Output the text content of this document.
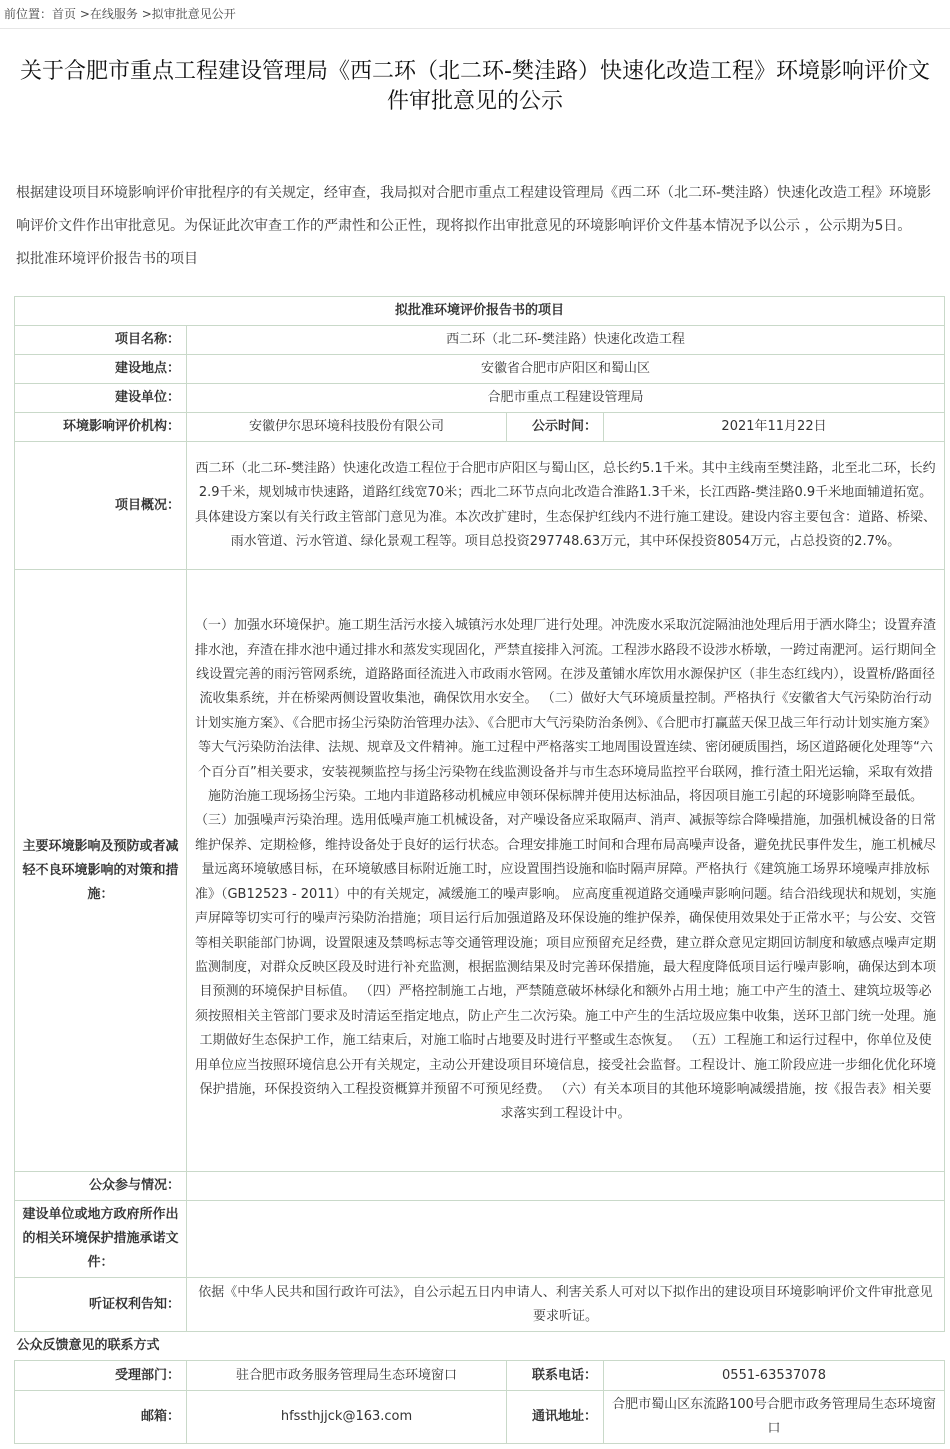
前位置：首页 >在线服务 >拟审批意见公开
关于合肥市重点工程建设管理局《西二环（北二环-樊洼路）快速化改造工程》环境影响评价文件审批意见的公示

根据建设项目环境影响评价审批程序的有关规定，经审查，我局拟对合肥市重点工程建设管理局《西二环（北二环-樊洼路）快速化改造工程》环境影响评价文件作出审批意见。为保证此次审查工作的严肃性和公正性，现将拟作出审批意见的环境影响评价文件基本情况予以公示 ，公示期为5日。

拟批准环境评价报告书的项目

拟批准环境评价报告书的项目			
项目名称：	西二环（北二环-樊洼路）快速化改造工程		
建设地点：	安徽省合肥市庐阳区和蜀山区		
建设单位：	合肥市重点工程建设管理局		
环境影响评价机构：	安徽伊尔思环境科技股份有限公司	公示时间：	2021年11月22日
项目概况：	西二环（北二环-樊洼路）快速化改造工程位于合肥市庐阳区与蜀山区，总长约5.1千米。其中主线南至樊洼路，北至北二环，长约2.9千米，规划城市快速路，道路红线宽70米；西北二环节点向北改造合淮路1.3千米，长江西路-樊洼路0.9千米地面辅道拓宽。具体建设方案以有关行政主管部门意见为准。本次改扩建时，生态保护红线内不进行施工建设。建设内容主要包含：道路、桥梁、雨水管道、污水管道、绿化景观工程等。项目总投资297748.63万元，其中环保投资8054万元，占总投资的2.7%。		
主要环境影响及预防或者减轻不良环境影响的对策和措施：	（一）加强水环境保护。施工期生活污水接入城镇污水处理厂进行处理。冲洗废水采取沉淀隔油池处理后用于洒水降尘；设置弃渣排水池，弃渣在排水池中通过排水和蒸发实现固化，严禁直接排入河流。工程涉水路段不设涉水桥墩，一跨过南淝河。运行期间全线设置完善的雨污管网系统，道路路面径流进入市政雨水管网。在涉及董铺水库饮用水源保护区（非生态红线内），设置桥/路面径流收集系统，并在桥梁两侧设置收集池，确保饮用水安全。 （二）做好大气环境质量控制。严格执行《安徽省大气污染防治行动计划实施方案》、《合肥市扬尘污染防治管理办法》、《合肥市大气污染防治条例》、《合肥市打赢蓝天保卫战三年行动计划实施方案》等大气污染防治法律、法规、规章及文件精神。施工过程中严格落实工地周围设置连续、密闭硬质围挡，场区道路硬化处理等“六个百分百”相关要求，安装视频监控与扬尘污染物在线监测设备并与市生态环境局监控平台联网，推行渣土阳光运输，采取有效措施防治施工现场扬尘污染。工地内非道路移动机械应申领环保标牌并使用达标油品，将因项目施工引起的环境影响降至最低。 （三）加强噪声污染治理。选用低噪声施工机械设备，对产噪设备应采取隔声、消声、减振等综合降噪措施，加强机械设备的日常维护保养、定期检修，维持设备处于良好的运行状态。合理安排施工时间和合理布局高噪声设备，避免扰民事件发生，施工机械尽量远离环境敏感目标，在环境敏感目标附近施工时，应设置围挡设施和临时隔声屏障。严格执行《建筑施工场界环境噪声排放标准》（GB12523 - 2011）中的有关规定，减缓施工的噪声影响。 应高度重视道路交通噪声影响问题。结合沿线现状和规划，实施声屏障等切实可行的噪声污染防治措施；项目运行后加强道路及环保设施的维护保养，确保使用效果处于正常水平；与公安、交管等相关职能部门协调，设置限速及禁鸣标志等交通管理设施；项目应预留充足经费，建立群众意见定期回访制度和敏感点噪声定期监测制度，对群众反映区段及时进行补充监测，根据监测结果及时完善环保措施，最大程度降低项目运行噪声影响，确保达到本项目预测的环境保护目标值。 （四）严格控制施工占地，严禁随意破坏林绿化和额外占用土地；施工中产生的渣土、建筑垃圾等必须按照相关主管部门要求及时清运至指定地点，防止产生二次污染。施工中产生的生活垃圾应集中收集，送环卫部门统一处理。施工期做好生态保护工作，施工结束后，对施工临时占地要及时进行平整或生态恢复。 （五）工程施工和运行过程中，你单位及使用单位应当按照环境信息公开有关规定，主动公开建设项目环境信息，接受社会监督。工程设计、施工阶段应进一步细化优化环境保护措施，环保投资纳入工程投资概算并预留不可预见经费。 （六）有关本项目的其他环境影响减缓措施，按《报告表》相关要求落实到工程设计中。		
公众参与情况：			
建设单位或地方政府所作出的相关环境保护措施承诺文件：			
听证权利告知：	依据《中华人民共和国行政许可法》，自公示起五日内申请人、利害关系人可对以下拟作出的建设项目环境影响评价文件审批意见要求听证。		
公众反馈意见的联系方式			
受理部门：	驻合肥市政务服务管理局生态环境窗口	联系电话：	0551-63537078
邮箱：	hfssthjjck@163.com	通讯地址：	合肥市蜀山区东流路100号合肥市政务管理局生态环境窗口
